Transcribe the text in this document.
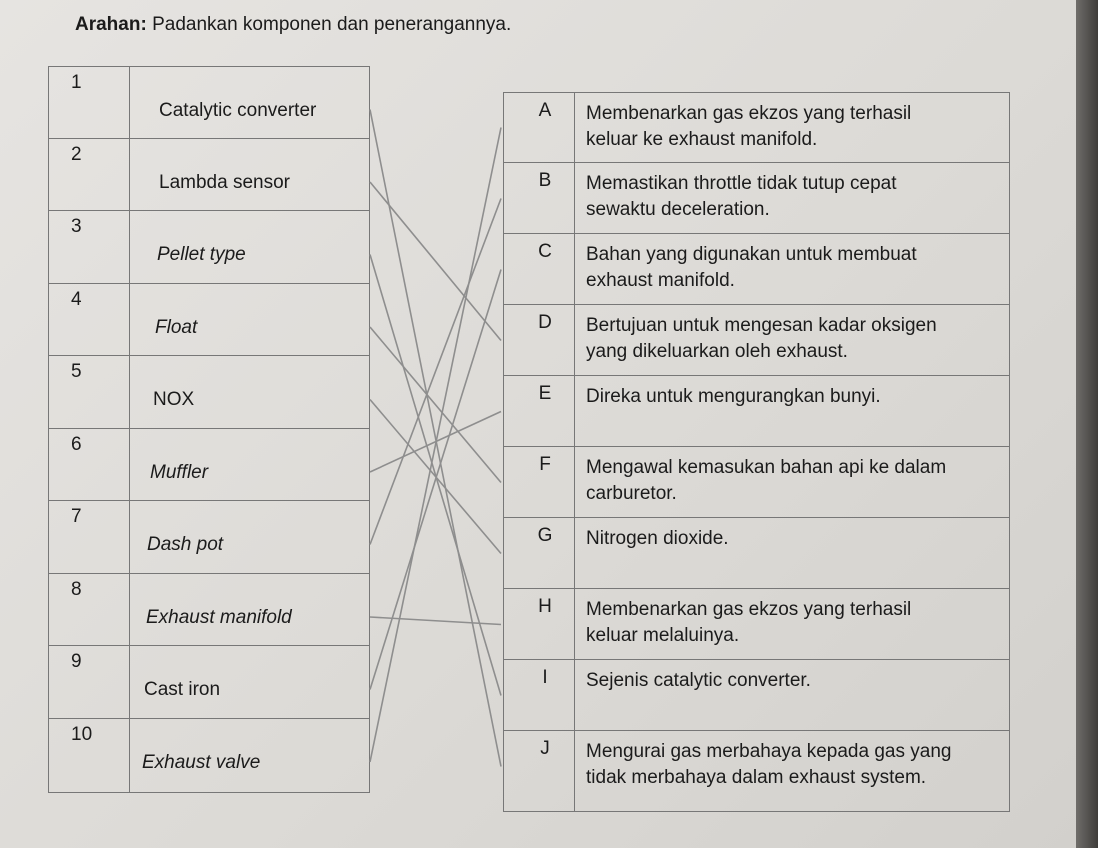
Arahan: Padankan komponen dan penerangannya.
1
Catalytic converter
2
Lambda sensor
3
Pellet type
4
Float
5
NOX
6
Muffler
7
Dash pot
8
Exhaust manifold
9
Cast iron
10
Exhaust valve
A	Membenarkan gas ekzos yang terhasil
keluar ke exhaust manifold.
B	Memastikan throttle tidak tutup cepat
sewaktu deceleration.
C	Bahan yang digunakan untuk membuat
exhaust manifold.
D	Bertujuan untuk mengesan kadar oksigen
yang dikeluarkan oleh exhaust.
E	Direka untuk mengurangkan bunyi.
F	Mengawal kemasukan bahan api ke dalam
carburetor.
G	Nitrogen dioxide.
H	Membenarkan gas ekzos yang terhasil
keluar melaluinya.
I	Sejenis catalytic converter.
J	Mengurai gas merbahaya kepada gas yang
tidak merbahaya dalam exhaust system.
